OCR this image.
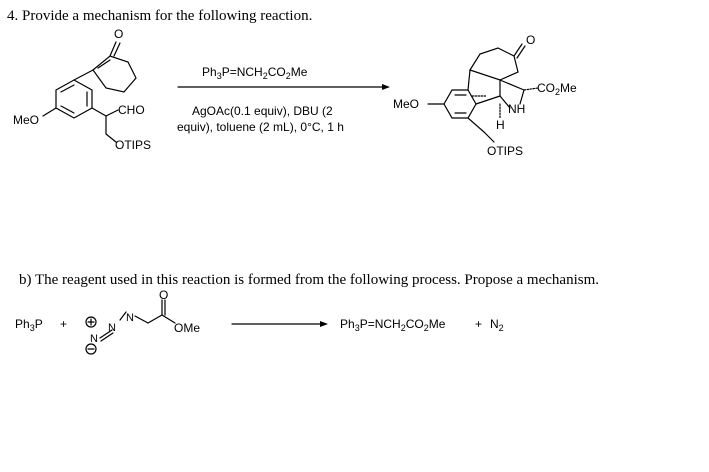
4. Provide a mechanism for the following reaction.
b) The reagent used in this reaction is formed from the following process. Propose a mechanism.
O
MeO
CHO
OTIPS
Ph3P=NCH2CO2Me
AgOAc(0.1 equiv), DBU (2
equiv), toluene (2 mL), 0°C, 1 h
O
MeO
CO2Me
NH
H
OTIPS
Ph3P +
N
N
N
O
OMe	Ph3P=NCH2CO2Me + N2
